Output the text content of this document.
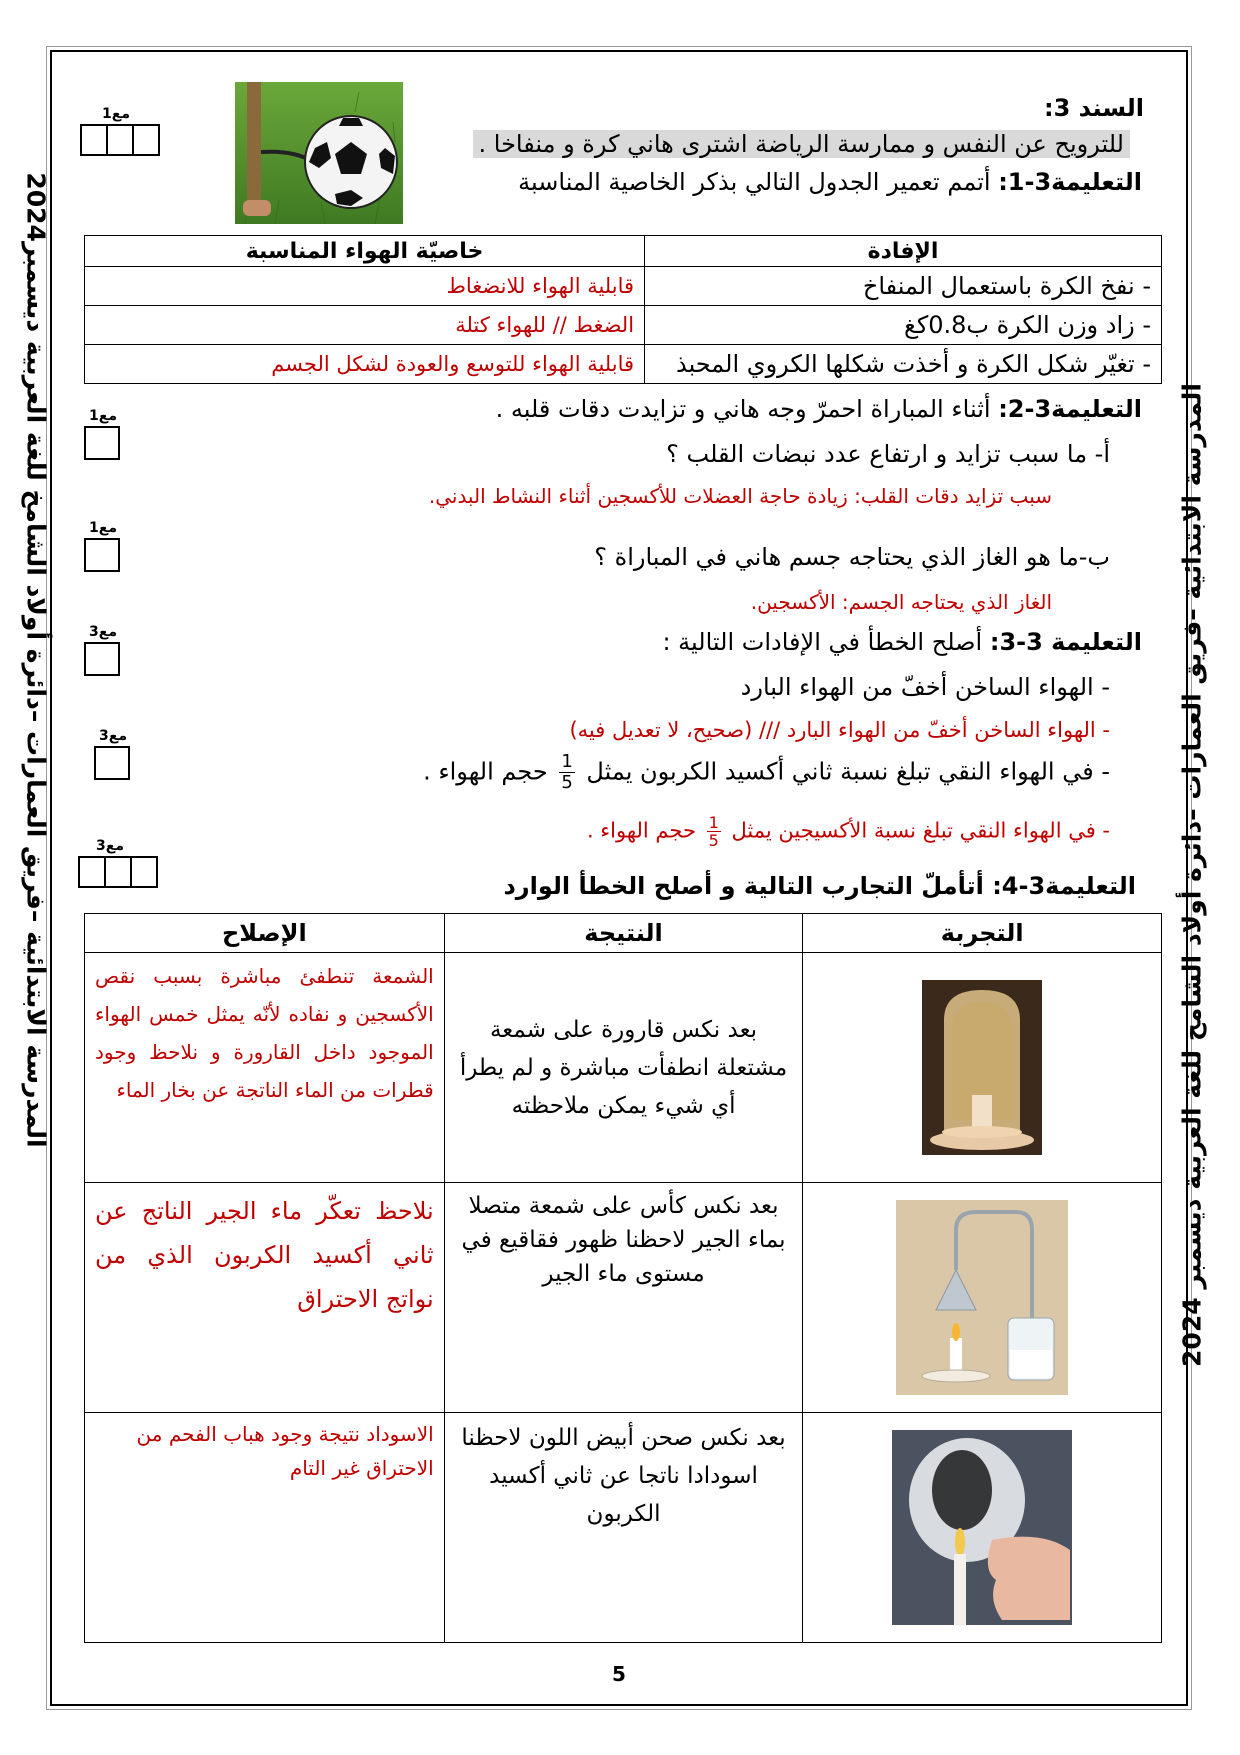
المدرسة الابتدائية –فريق العمارات –دائرة أولاد الشامخ للغة العربية ديسمبر 2024
المدرسة الابتدائية –فريق العمارات –دائرة أولاد الشامخ للغة العربية ديسمبر2024
مع1	السند 3:
للترويح عن النفس و ممارسة الرياضة اشترى هاني كرة و منفاخا .
التعليمة3-1: أتمم تعمير الجدول التالي بذكر الخاصية المناسبة
الإفادة	خاصيّة الهواء المناسبة
- نفخ الكرة باستعمال المنفاخ	قابلية الهواء للانضغاط
- زاد وزن الكرة ب0.8كغ	الضغط // للهواء كتلة
- تغيّر شكل الكرة و أخذت شكلها الكروي المحبذ	قابلية الهواء للتوسع والعودة لشكل الجسم
مع1	التعليمة3-2: أثناء المباراة احمرّ وجه هاني و تزايدت دقات قلبه .
أ- ما سبب تزايد و ارتفاع عدد نبضات القلب ؟
سبب تزايد دقات القلب: زيادة حاجة العضلات للأكسجين أثناء النشاط البدني.
مع1
ب-ما هو الغاز الذي يحتاجه جسم هاني في المباراة ؟
الغاز الذي يحتاجه الجسم: الأكسجين.
مع3	التعليمة 3-3: أصلح الخطأ في الإفادات التالية :
- الهواء الساخن أخفّ من الهواء البارد
- الهواء الساخن أخفّ من الهواء البارد /// (صحيح، لا تعديل فيه)
مع3
- في الهواء النقي تبلغ نسبة ثاني أكسيد الكربون يمثل
$\frac{1}{5}$
حجم الهواء .
- في الهواء النقي تبلغ نسبة الأكسيجين يمثل
$\frac{1}{5}$
حجم الهواء .
مع3
التعليمة3-4: أتأملّ التجارب التالية و أصلح الخطأ الوارد
التجربة	النتيجة	الإصلاح

	بعد نكس قارورة على شمعة مشتعلة انطفأت مباشرة و لم يطرأ أي شيء يمكن ملاحظته	الشمعة تنطفئ مباشرة بسبب نقص الأكسجين و نفاده لأنّه يمثل خمس الهواء الموجود داخل القارورة و نلاحظ وجود قطرات من الماء الناتجة عن بخار الماء

	بعد نكس كأس على شمعة متصلا بماء الجير لاحظنا ظهور فقاقيع في مستوى ماء الجير	نلاحظ تعكّر ماء الجير الناتج عن ثاني أكسيد الكربون الذي من نواتج الاحتراق

	بعد نكس صحن أبيض اللون لاحظنا اسودادا ناتجا عن ثاني أكسيد الكربون	الاسوداد نتيجة وجود هباب الفحم من الاحتراق غير التام
5
